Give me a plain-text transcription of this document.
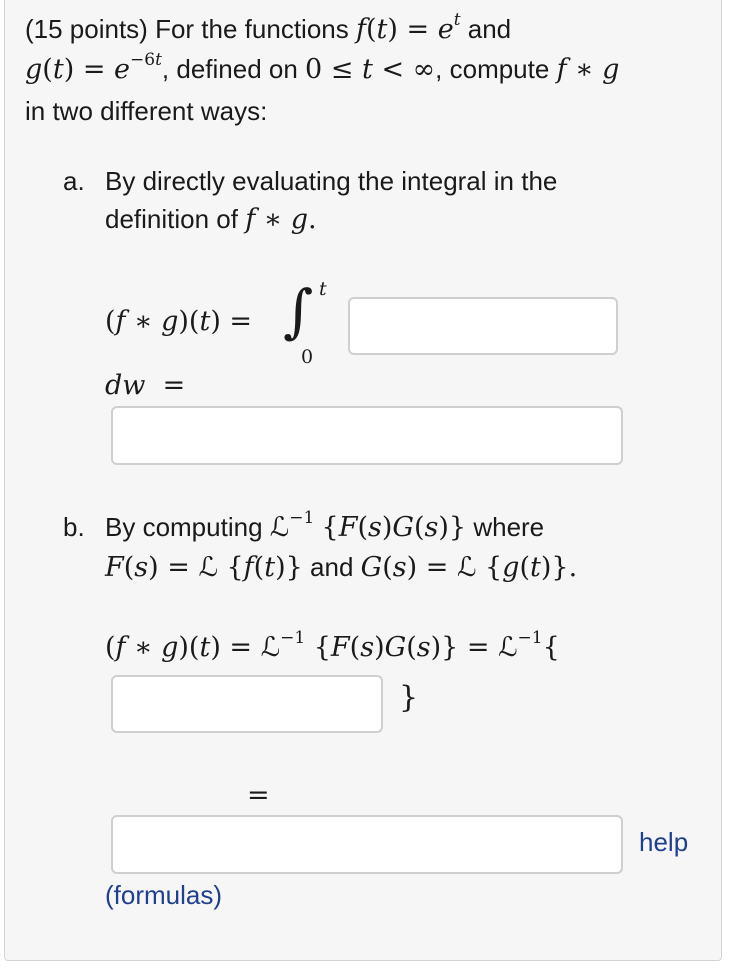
(15 points) For the functions $f(t) = e^t$ and
$g(t) = e^{-6t}$, defined on 0 ≤ t < ∞, compute f ∗ g
in two different ways:
a. By directly evaluating the integral in the
definition of f ∗ g.
(f ∗ g)(t) = ∫ t
0
dw  =
b. By computing ℒ$^{-1}$ {F(s)G(s)} where
F(s) = ℒ {f(t)} and G(s) = ℒ {g(t)}.
(f ∗ g)(t) = ℒ$^{-1}$ {F(s)G(s)} = ℒ$^{-1}${
}
=
help
(formulas)
